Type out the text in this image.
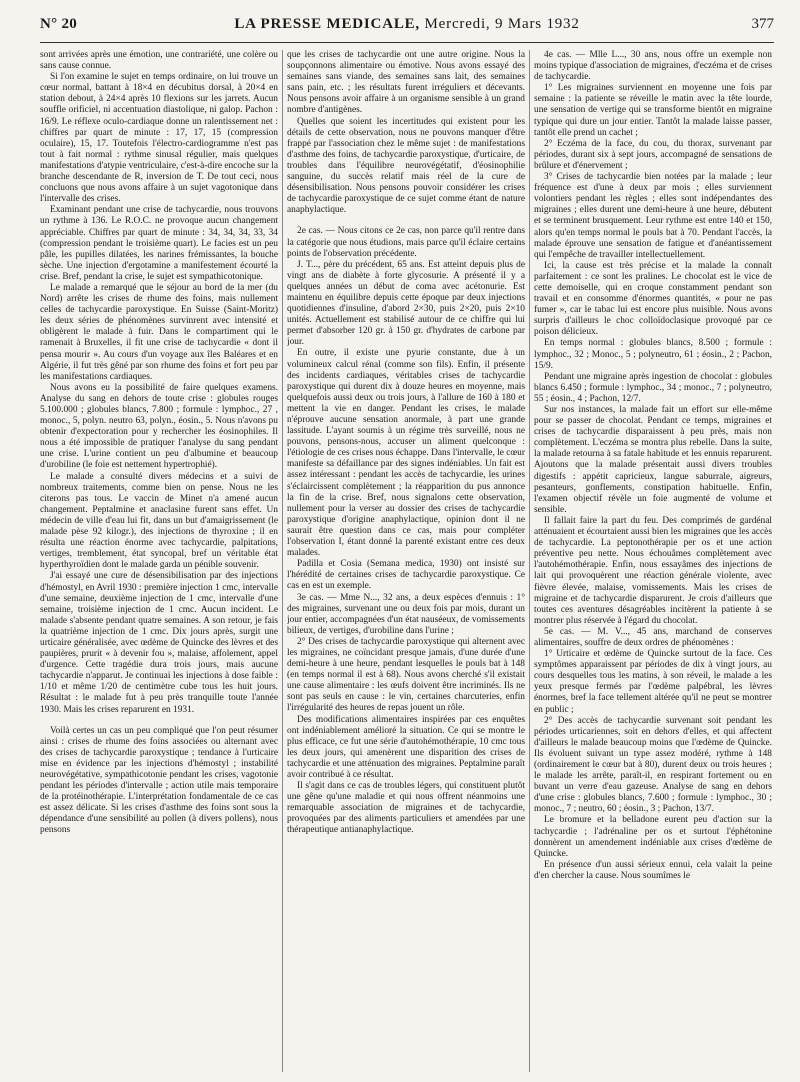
N° 20	LA PRESSE MEDICALE, Mercredi, 9 Mars 1932	377

sont arrivées après une émotion, une contrariété, une colère ou sans cause connue.

Si l'on examine le sujet en temps ordinaire, on lui trouve un cœur normal, battant à 18×4 en décubitus dorsal, à 20×4 en station debout, à 24×4 après 10 flexions sur les jarrets. Aucun souffle orificiel, ni accentuation diastolique, ni galop. Pachon : 16/9. Le réflexe oculo-cardiaque donne un ralentissement net : chiffres par quart de minute : 17, 17, 15 (compression oculaire), 15, 17. Toutefois l'électro-cardiogramme n'est pas tout à fait normal : rythme sinusal régulier, mais quelques manifestations d'atypie ventriculaire, c'est-à-dire encoche sur la branche descendante de R, inversion de T. De tout ceci, nous concluons que nous avons affaire à un sujet vagotonique dans l'intervalle des crises.

Examinant pendant une crise de tachycardie, nous trouvons un rythme à 136. Le R.O.C. ne provoque aucun changement appréciable. Chiffres par quart de minute : 34, 34, 34, 33, 34 (compression pendant le troisième quart). Le facies est un peu pâle, les pupilles dilatées, les narines frémissantes, la bouche sèche. Une injection d'ergotamine a manifestement écourté la crise. Bref, pendant la crise, le sujet est sympathicotonique.

Le malade a remarqué que le séjour au bord de la mer (du Nord) arrête les crises de rhume des foins, mais nullement celles de tachycardie paroxystique. En Suisse (Saint-Moritz) les deux séries de phénomènes survinrent avec intensité et obligèrent le malade à fuir. Dans le compartiment qui le ramenait à Bruxelles, il fit une crise de tachycardie « dont il pensa mourir ». Au cours d'un voyage aux îles Baléares et en Algérie, il fut très gêné par son rhume des foins et fort peu par les manifestations cardiaques.

Nous avons eu la possibilité de faire quelques examens. Analyse du sang en dehors de toute crise : globules rouges 5.100.000 ; globules blancs, 7.800 ; formule : lymphoc., 27 , monoc., 5, polyn. neutro 63, polyn., éosin., 5. Nous n'avons pu obtenir d'expectoration pour y rechercher les éosinophiles. Il nous a été impossible de pratiquer l'analyse du sang pendant une crise. L'urine contient un peu d'albumine et beaucoup d'urobiline (le foie est nettement hypertrophié).

Le malade a consulté divers médecins et a suivi de nombreux traitements, comme bien on pense. Nous ne les citerons pas tous. Le vaccin de Minet n'a amené aucun changement. Peptalmine et anaclasine furent sans effet. Un médecin de ville d'eau lui fit, dans un but d'amaigrissement (le malade pèse 92 kilogr.), des injections de thyroxine ; il en résulta une réaction énorme avec tachycardie, palpitations, vertiges, tremblement, état syncopal, bref un véritable état hyperthyroïdien dont le malade garda un pénible souvenir.

J'ai essayé une cure de désensibilisation par des injections d'hémostyl, en Avril 1930 : première injection 1 cmc, intervalle d'une semaine, deuxième injection de 1 cmc, intervalle d'une semaine, troisième injection de 1 cmc. Aucun incident. Le malade s'absente pendant quatre semaines. A son retour, je fais la quatrième injection de 1 cmc. Dix jours après, surgit une urticaire généralisée, avec œdème de Quincke des lèvres et des paupières, prurit « à devenir fou », malaise, affolement, appel d'urgence. Cette tragédie dura trois jours, mais aucune tachycardie n'apparut. Je continuai les injections à dose faible : 1/10 et même 1/20 de centimètre cube tous les huit jours. Résultat : le malade fut à peu près tranquille toute l'année 1930. Mais les crises reparurent en 1931.

Voilà certes un cas un peu compliqué que l'on peut résumer ainsi : crises de rhume des foins associées ou alternant avec des crises de tachycardie paroxystique ; tendance à l'urticaire mise en évidence par les injections d'hémostyl ; instabilité neurovégétative, sympathicotonie pendant les crises, vagotonie pendant les périodes d'intervalle ; action utile mais temporaire de la protéinothérapie. L'interprétation fondamentale de ce cas est assez délicate. Si les crises d'asthme des foins sont sous la dépendance d'une sensibilité au pollen (à divers pollens), nous pensons

que les crises de tachycardie ont une autre origine. Nous la soupçonnons alimentaire ou émotive. Nous avons essayé des semaines sans viande, des semaines sans lait, des semaines sans pain, etc. ; les résultats furent irréguliers et décevants. Nous pensons avoir affaire à un organisme sensible à un grand nombre d'antigènes.

Quelles que soient les incertitudes qui existent pour les détails de cette observation, nous ne pouvons manquer d'être frappé par l'association chez le même sujet : de manifestations d'asthme des foins, de tachycardie paroxystique, d'urticaire, de troubles dans l'équilibre neurovégétatif, d'éosinophilie sanguine, du succès relatif mais réel de la cure de désensibilisation. Nous pensons pouvoir considérer les crises de tachycardie paroxystique de ce sujet comme étant de nature anaphylactique.

2e cas. — Nous citons ce 2e cas, non parce qu'il rentre dans la catégorie que nous étudions, mais parce qu'il éclaire certains points de l'observation précédente.

J. T..., père du précédent, 65 ans. Est atteint depuis plus de vingt ans de diabète à forte glycosurie. A présenté il y a quelques années un début de coma avec acétonurie. Est maintenu en équilibre depuis cette époque par deux injections quotidiennes d'insuline, d'abord 2×30, puis 2×20, puis 2×10 unités. Actuellement est stabilisé autour de ce chiffre qui lui permet d'absorber 120 gr. à 150 gr. d'hydrates de carbone par jour.

En outre, il existe une pyurie constante, due à un volumineux calcul rénal (comme son fils). Enfin, il présente des incidents cardiaques, véritables crises de tachycardie paroxystique qui durent dix à douze heures en moyenne, mais quelquefois aussi deux ou trois jours, à l'allure de 160 à 180 et mettent la vie en danger. Pendant les crises, le malade n'éprouve aucune sensation anormale, à part une grande lassitude. L'ayant soumis à un régime très surveillé, nous ne pouvons, pensons-nous, accuser un aliment quelconque : l'étiologie de ces crises nous échappe. Dans l'intervalle, le cœur manifeste sa défaillance par des signes indéniables. Un fait est assez intéressant : pendant les accès de tachycardie, les urines s'éclaircissent complètement ; la réapparition du pus annonce la fin de la crise. Bref, nous signalons cette observation, nullement pour la verser au dossier des crises de tachycardie paroxystique d'origine anaphylactique, opinion dont il ne saurait être question dans ce cas, mais pour compléter l'observation I, étant donné la parenté existant entre ces deux malades.

Padilla et Cosia (Semana medica, 1930) ont insisté sur l'hérédité de certaines crises de tachycardie paroxystique. Ce cas en est un exemple.

3e cas. — Mme N..., 32 ans, a deux espèces d'ennuis : 1° des migraines, survenant une ou deux fois par mois, durant un jour entier, accompagnées d'un état nauséeux, de vomissements bilieux, de vertiges, d'urobiline dans l'urine ;

2° Des crises de tachycardie paroxystique qui alternent avec les migraines, ne coïncidant presque jamais, d'une durée d'une demi-heure à une heure, pendant lesquelles le pouls bat à 148 (en temps normal il est à 68). Nous avons cherché s'il existait une cause alimentaire : les œufs doivent être incriminés. Ils ne sont pas seuls en cause : le vin, certaines charcuteries, enfin l'irrégularité des heures de repas jouent un rôle.

Des modifications alimentaires inspirées par ces enquêtes ont indéniablement amélioré la situation. Ce qui se montre le plus efficace, ce fut une série d'autohémothérapie, 10 cmc tous les deux jours, qui amenèrent une disparition des crises de tachycardie et une atténuation des migraines. Peptalmine paraît avoir contribué à ce résultat.

Il s'agit dans ce cas de troubles légers, qui constituent plutôt une gêne qu'une maladie et qui nous offrent néanmoins une remarquable association de migraines et de tachycardie, provoquées par des aliments particuliers et amendées par une thérapeutique antianaphylactique.

4e cas. — Mlle L..., 30 ans, nous offre un exemple non moins typique d'association de migraines, d'eczéma et de crises de tachycardie.

1° Les migraines surviennent en moyenne une fois par semaine : la patiente se réveille le matin avec la tête lourde, une sensation de vertige qui se transforme bientôt en migraine typique qui dure un jour entier. Tantôt la malade laisse passer, tantôt elle prend un cachet ;

2° Eczéma de la face, du cou, du thorax, survenant par périodes, durant six à sept jours, accompagné de sensations de brûlure et d'énervement ;

3° Crises de tachycardie bien notées par la malade ; leur fréquence est d'une à deux par mois ; elles surviennent volontiers pendant les règles ; elles sont indépendantes des migraines ; elles durent une demi-heure à une heure, débutent et se terminent brusquement. Leur rythme est entre 140 et 150, alors qu'en temps normal le pouls bat à 70. Pendant l'accès, la malade éprouve une sensation de fatigue et d'anéantissement qui l'empêche de travailler intellectuellement.

Ici, la cause est très précise et la malade la connaît parfaitement : ce sont les pralines. Le chocolat est le vice de cette demoiselle, qui en croque constamment pendant son travail et en consomme d'énormes quantités, « pour ne pas fumer », car le tabac lui est encore plus nuisible. Nous avons surpris d'ailleurs le choc colloïdoclasique provoqué par ce poison délicieux.

En temps normal : globules blancs, 8.500 ; formule : lymphoc., 32 ; Monoc., 5 ; polyneutro, 61 ; éosin., 2 ; Pachon, 15/9.

Pendant une migraine après ingestion de chocolat : globules blancs 6.450 ; formule : lymphoc., 34 ; monoc., 7 ; polyneutro, 55 ; éosin., 4 ; Pachon, 12/7.

Sur nos instances, la malade fait un effort sur elle-même pour se passer de chocolat. Pendant ce temps, migraines et crises de tachycardie disparaissent à peu près, mais non complètement. L'eczéma se montra plus rebelle. Dans la suite, la malade retourna à sa fatale habitude et les ennuis reparurent. Ajoutons que la malade présentait aussi divers troubles digestifs : appétit capricieux, langue saburrale, aigreurs, pesanteurs, gonflements, constipation habituelle. Enfin, l'examen objectif révèle un foie augmenté de volume et sensible.

Il fallait faire la part du feu. Des comprimés de gardénal atténuaient et écourtaient aussi bien les migraines que les accès de tachycardie. La peptonothérapie per os et une action préventive peu nette. Nous échouâmes complètement avec l'autohémothérapie. Enfin, nous essayâmes des injections de lait qui provoquèrent une réaction générale violente, avec fièvre élevée, malaise, vomissements. Mais les crises de migraine et de tachycardie disparurent. Je crois d'ailleurs que toutes ces aventures désagréables incitèrent la patiente à se montrer plus réservée à l'égard du chocolat.

5e cas. — M. V..., 45 ans, marchand de conserves alimentaires, souffre de deux ordres de phénomènes :

1° Urticaire et œdème de Quincke surtout de la face. Ces symptômes apparaissent par périodes de dix à vingt jours, au cours desquelles tous les matins, à son réveil, le malade a les yeux presque fermés par l'œdème palpébral, les lèvres énormes, bref la face tellement altérée qu'il ne peut se montrer en public ;

2° Des accès de tachycardie survenant soit pendant les périodes urticariennes, soit en dehors d'elles, et qui affectent d'ailleurs le malade beaucoup moins que l'œdème de Quincke. Ils évoluent suivant un type assez modéré, rythme à 148 (ordinairement le cœur bat à 80), durent deux ou trois heures ; le malade les arrête, paraît-il, en respirant fortement ou en buvant un verre d'eau gazeuse. Analyse de sang en dehors d'une crise : globules blancs, 7.600 ; formule : lymphoc., 30 ; monoc., 7 ; neutro, 60 ; éosin., 3 ; Pachon, 13/7.

Le bromure et la belladone eurent peu d'action sur la tachycardie ; l'adrénaline per os et surtout l'éphétonine donnèrent un amendement indéniable aux crises d'œdème de Quincke.

En présence d'un aussi sérieux ennui, cela valait la peine d'en chercher la cause. Nous soumîmes le
